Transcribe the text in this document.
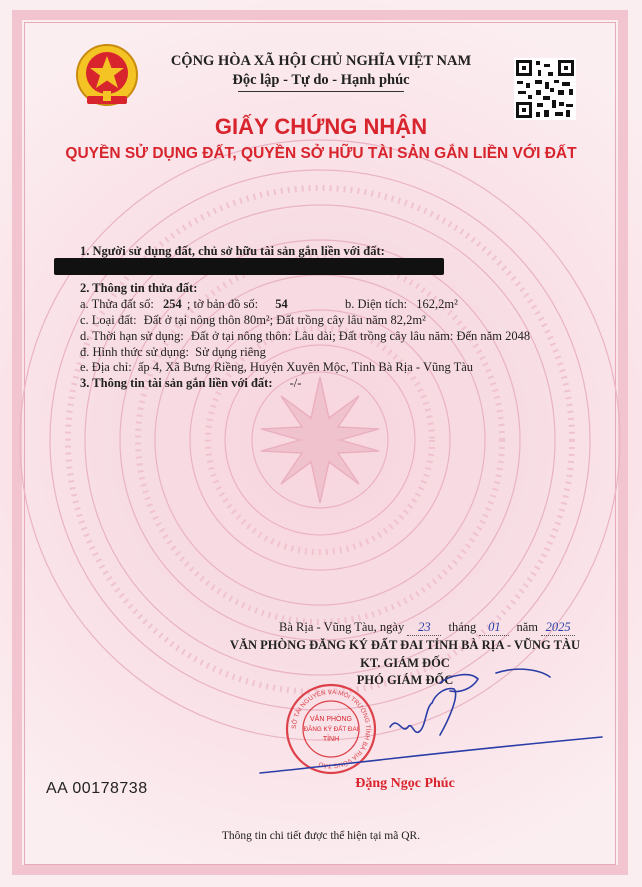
CỘNG HÒA XÃ HỘI CHỦ NGHĨA VIỆT NAM
Độc lập - Tự do - Hạnh phúc
GIẤY CHỨNG NHẬN
QUYỀN SỬ DỤNG ĐẤT, QUYỀN SỞ HỮU TÀI SẢN GẮN LIỀN VỚI ĐẤT
1. Người sử dụng đất, chủ sở hữu tài sản gắn liền với đất:
2. Thông tin thửa đất:
a. Thửa đất số: 254 ; tờ bản đồ số: 54	b. Diện tích: 162,2m²
c. Loại đất: Đất ở tại nông thôn 80m²; Đất trồng cây lâu năm 82,2m²
d. Thời hạn sử dụng: Đất ở tại nông thôn: Lâu dài; Đất trồng cây lâu năm: Đến năm 2048
đ. Hình thức sử dụng: Sử dụng riêng
e. Địa chỉ: ấp 4, Xã Bưng Riềng, Huyện Xuyên Mộc, Tỉnh Bà Rịa - Vũng Tàu
3. Thông tin tài sản gắn liền với đất: -/-
Bà Rịa - Vũng Tàu, ngày 23 tháng 01 năm 2025
VĂN PHÒNG ĐĂNG KÝ ĐẤT ĐAI TỈNH BÀ RỊA - VŨNG TÀU
KT. GIÁM ĐỐC
PHÓ GIÁM ĐỐC
SỞ TÀI NGUYÊN VÀ MÔI TRƯỜNG TỈNH BÀ RỊA VŨNG TÀU
VĂN PHÒNG
ĐĂNG KÝ ĐẤT ĐAI
TỈNH
Đặng Ngọc Phúc
AA 00178738
Thông tin chi tiết được thể hiện tại mã QR.
